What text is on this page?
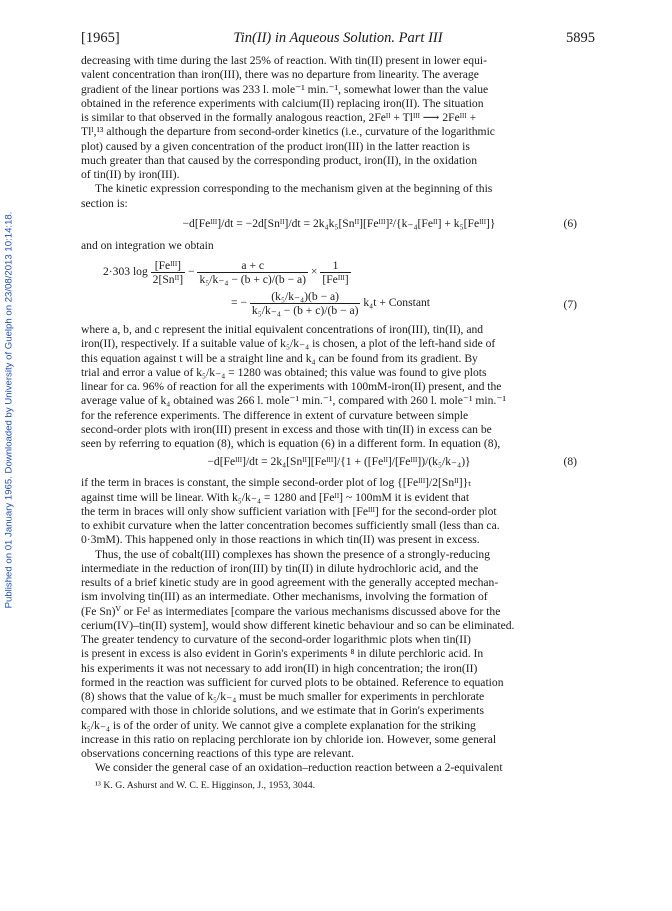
Published on 01 January 1965. Downloaded by University of Guelph on 23/08/2013 10:14:18.
[1965]	Tin(II) in Aqueous Solution. Part III	5895

decreasing with time during the last 25% of reaction. With tin(II) present in lower equi-
valent concentration than iron(III), there was no departure from linearity. The average
gradient of the linear portions was 233 l. mole⁻¹ min.⁻¹, somewhat lower than the value
obtained in the reference experiments with calcium(II) replacing iron(II). The situation
is similar to that observed in the formally analogous reaction, 2Feᴵᴵ + Tlᴵᴵᴵ ⟶ 2Feᴵᴵᴵ +
Tlᴵ,¹³ although the departure from second-order kinetics (i.e., curvature of the logarithmic
plot) caused by a given concentration of the product iron(III) in the latter reaction is
much greater than that caused by the corresponding product, iron(II), in the oxidation
of tin(II) by iron(III).

The kinetic expression corresponding to the mechanism given at the beginning of this
section is:

−d[Feᴵᴵᴵ]/dt = −2d[Snᴵᴵ]/dt = 2k₄k₅[Snᴵᴵ][Feᴵᴵᴵ]²/{k₋₄[Feᴵᴵ] + k₅[Feᴵᴵᴵ]}	(6)

and on integration we obtain

2·303 $\log \frac{\text{[Feᴵᴵᴵ]}}{\text{2[Snᴵᴵ]}} - \frac{a + c}{\text{k₅/k₋₄ − (b + c)/(b − a)}} \times \frac{1}{\text{[Feᴵᴵᴵ]}}$
= − $\frac{\text{(k₅/k₋₄)(b − a)}}{\text{k₅/k₋₄ − (b + c)/(b − a)}} k_4t$ + Constant	(7)

where a, b, and c represent the initial equivalent concentrations of iron(III), tin(II), and
iron(II), respectively. If a suitable value of k₅/k₋₄ is chosen, a plot of the left-hand side of
this equation against t will be a straight line and k₄ can be found from its gradient. By
trial and error a value of k₅/k₋₄ = 1280 was obtained; this value was found to give plots
linear for ca. 96% of reaction for all the experiments with 100mM-iron(II) present, and the
average value of k₄ obtained was 266 l. mole⁻¹ min.⁻¹, compared with 260 l. mole⁻¹ min.⁻¹
for the reference experiments. The difference in extent of curvature between simple
second-order plots with iron(III) present in excess and those with tin(II) in excess can be
seen by referring to equation (8), which is equation (6) in a different form. In equation (8),

−d[Feᴵᴵᴵ]/dt = 2k₄[Snᴵᴵ][Feᴵᴵᴵ]/{1 + ([Feᴵᴵ]/[Feᴵᴵᴵ])/(k₅/k₋₄)}	(8)

if the term in braces is constant, the simple second-order plot of log {[Feᴵᴵᴵ]/2[Snᴵᴵ]}ₜ
against time will be linear. With k₅/k₋₄ = 1280 and [Feᴵᴵ] ~ 100mM it is evident that
the term in braces will only show sufficient variation with [Feᴵᴵᴵ] for the second-order plot
to exhibit curvature when the latter concentration becomes sufficiently small (less than ca.
0·3mM). This happened only in those reactions in which tin(II) was present in excess.

Thus, the use of cobalt(III) complexes has shown the presence of a strongly-reducing
intermediate in the reduction of iron(III) by tin(II) in dilute hydrochloric acid, and the
results of a brief kinetic study are in good agreement with the generally accepted mechan-
ism involving tin(III) as an intermediate. Other mechanisms, involving the formation of
(Fe Sn)ⱽ or Feᴵ as intermediates [compare the various mechanisms discussed above for the
cerium(IV)–tin(II) system], would show different kinetic behaviour and so can be eliminated.
The greater tendency to curvature of the second-order logarithmic plots when tin(II)
is present in excess is also evident in Gorin's experiments ⁸ in dilute perchloric acid. In
his experiments it was not necessary to add iron(II) in high concentration; the iron(II)
formed in the reaction was sufficient for curved plots to be obtained. Reference to equation
(8) shows that the value of k₅/k₋₄ must be much smaller for experiments in perchlorate
compared with those in chloride solutions, and we estimate that in Gorin's experiments
k₅/k₋₄ is of the order of unity. We cannot give a complete explanation for the striking
increase in this ratio on replacing perchlorate ion by chloride ion. However, some general
observations concerning reactions of this type are relevant.

We consider the general case of an oxidation–reduction reaction between a 2-equivalent

¹³ K. G. Ashurst and W. C. E. Higginson, J., 1953, 3044.
